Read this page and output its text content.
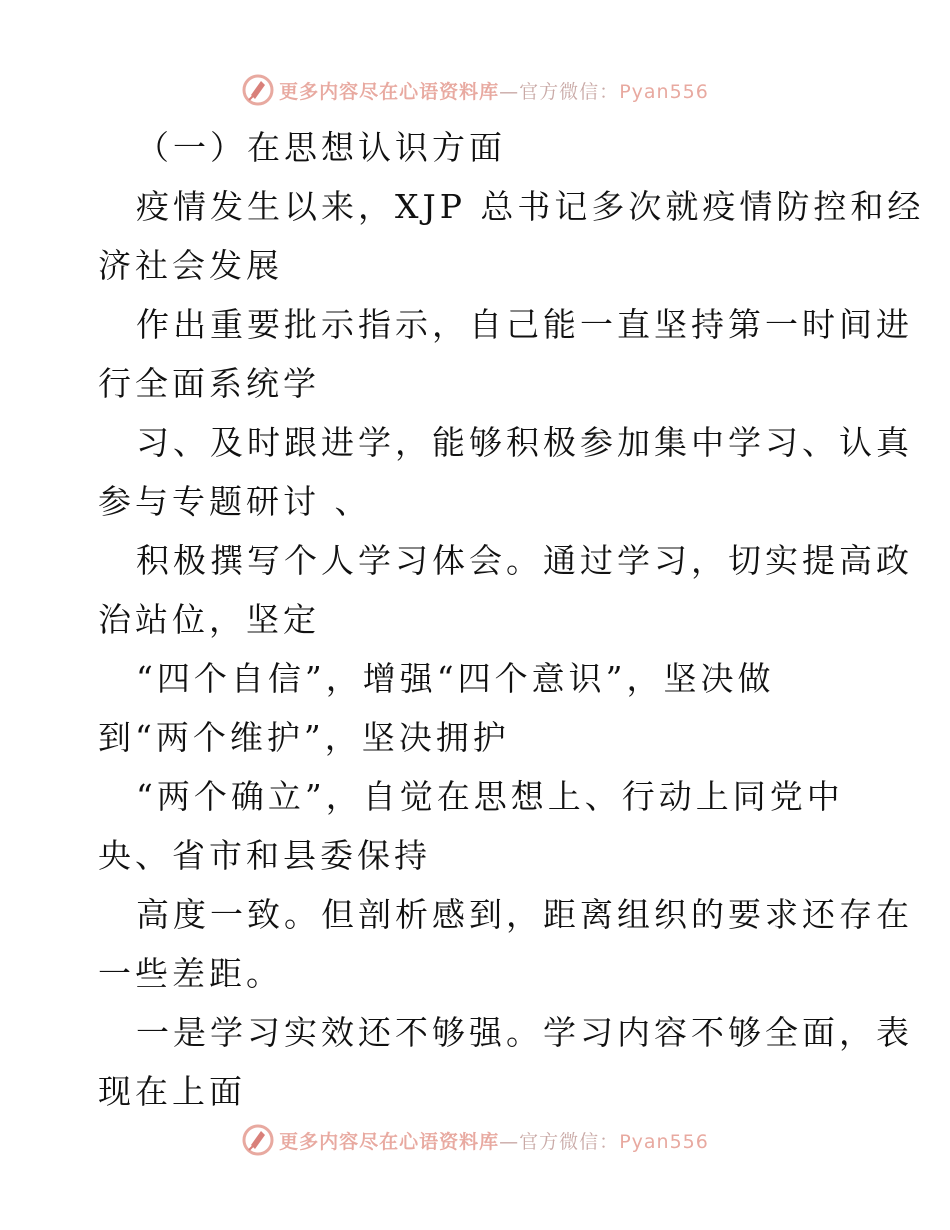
更多内容尽在心语资料库—官方微信：Pyan556
（一）在思想认识方面
疫情发生以来，XJP 总书记多次就疫情防控和经
济社会发展
作出重要批示指示，自己能一直坚持第一时间进
行全面系统学
习、及时跟进学，能够积极参加集中学习、认真
参与专题研讨 、
积极撰写个人学习体会。通过学习，切实提高政
治站位，坚定
“四个自信”，增强“四个意识”，坚决做
到“两个维护”，坚决拥护
“两个确立”，自觉在思想上、行动上同党中
央、省市和县委保持
高度一致。但剖析感到，距离组织的要求还存在
一些差距。
一是学习实效还不够强。学习内容不够全面，表
现在上面
更多内容尽在心语资料库—官方微信：Pyan556
